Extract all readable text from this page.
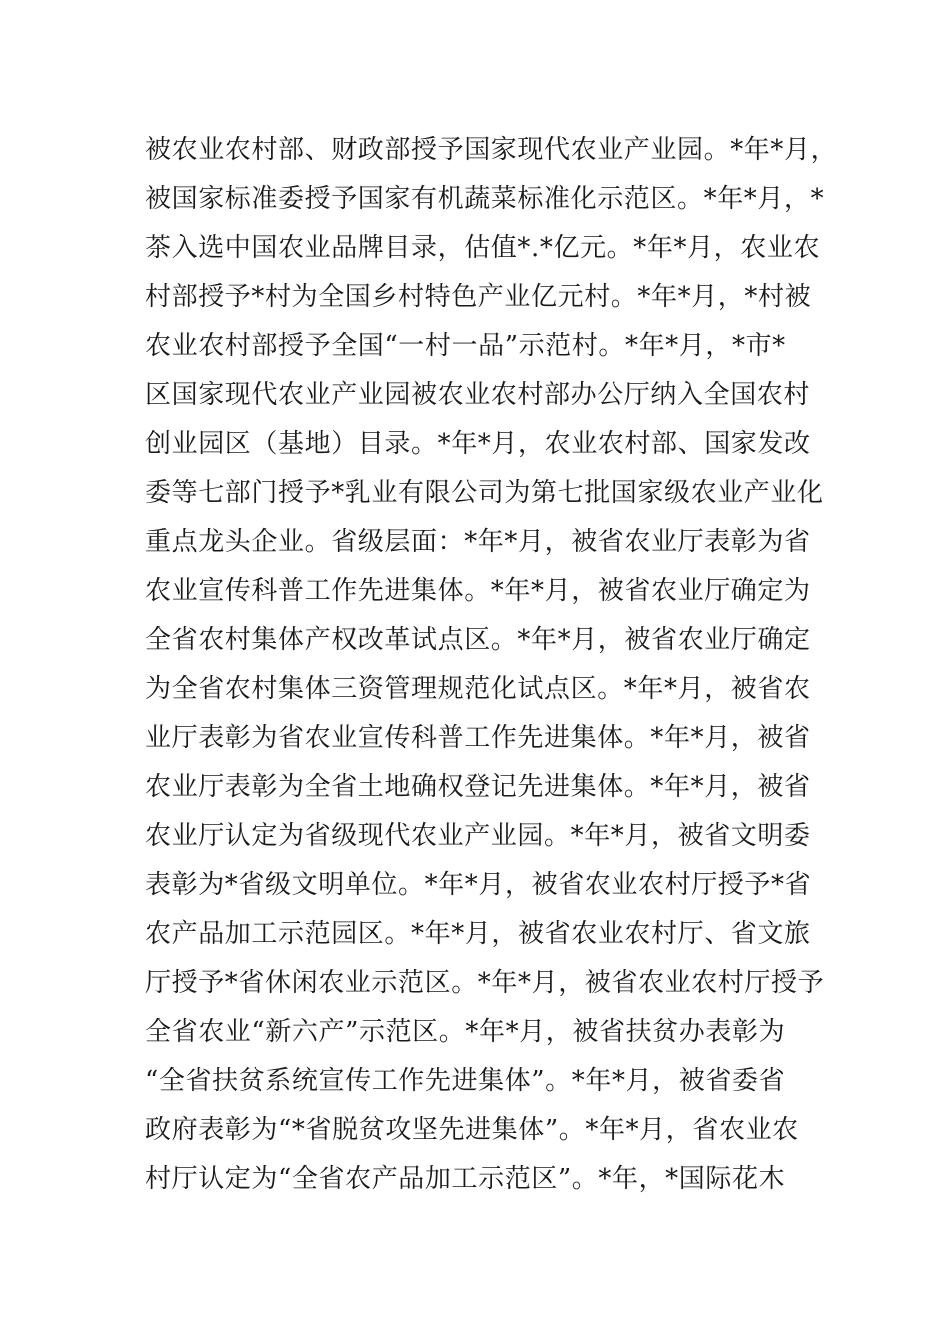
被农业农村部、财政部授予国家现代农业产业园。*年*月，
被国家标准委授予国家有机蔬菜标准化示范区。*年*月，*
茶入选中国农业品牌目录，估值*.*亿元。*年*月，农业农
村部授予*村为全国乡村特色产业亿元村。*年*月，*村被
农业农村部授予全国“一村一品”示范村。*年*月，*市*
区国家现代农业产业园被农业农村部办公厅纳入全国农村
创业园区（基地）目录。*年*月，农业农村部、国家发改
委等七部门授予*乳业有限公司为第七批国家级农业产业化
重点龙头企业。省级层面：*年*月，被省农业厅表彰为省
农业宣传科普工作先进集体。*年*月，被省农业厅确定为
全省农村集体产权改革试点区。*年*月，被省农业厅确定
为全省农村集体三资管理规范化试点区。*年*月，被省农
业厅表彰为省农业宣传科普工作先进集体。*年*月，被省
农业厅表彰为全省土地确权登记先进集体。*年*月，被省
农业厅认定为省级现代农业产业园。*年*月，被省文明委
表彰为*省级文明单位。*年*月，被省农业农村厅授予*省
农产品加工示范园区。*年*月，被省农业农村厅、省文旅
厅授予*省休闲农业示范区。*年*月，被省农业农村厅授予
全省农业“新六产”示范区。*年*月，被省扶贫办表彰为
“全省扶贫系统宣传工作先进集体”。*年*月，被省委省
政府表彰为“*省脱贫攻坚先进集体”。*年*月，省农业农
村厅认定为“全省农产品加工示范区”。*年，*国际花木
